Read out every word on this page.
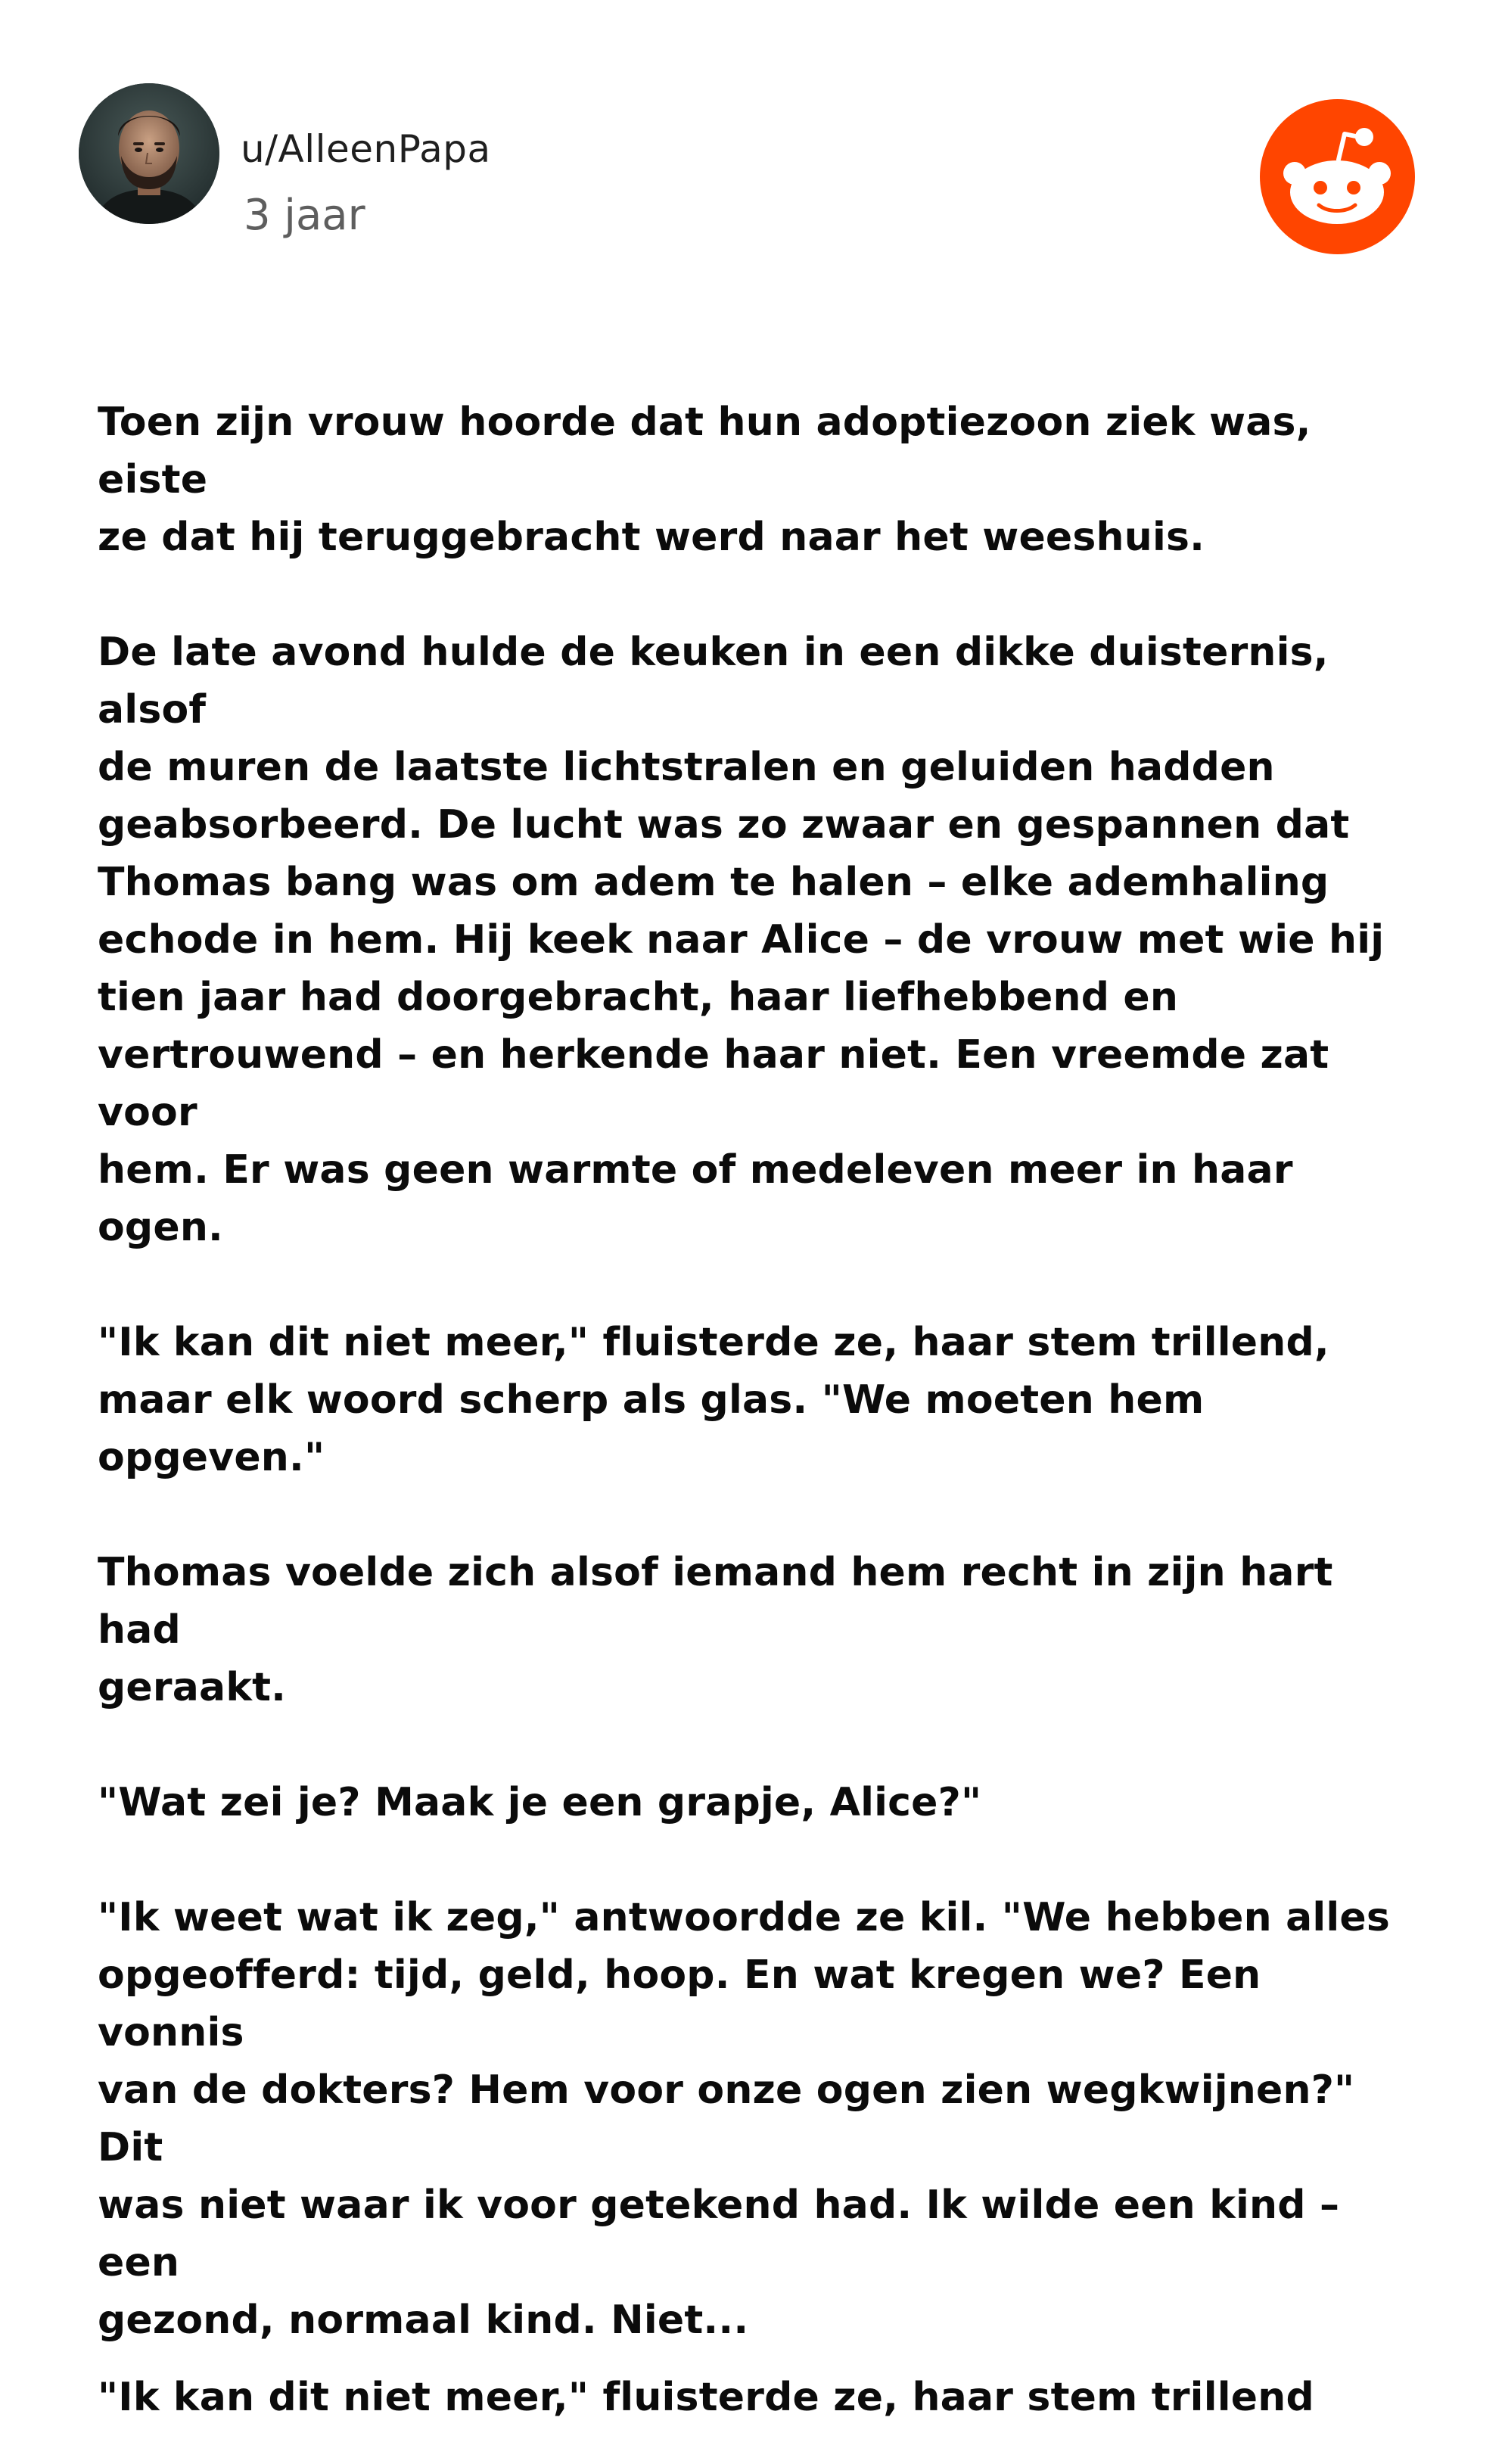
u/AlleenPapa
3 jaar

Toen zijn vrouw hoorde dat hun adoptiezoon ziek was, eiste
ze dat hij teruggebracht werd naar het weeshuis.

De late avond hulde de keuken in een dikke duisternis, alsof
de muren de laatste lichtstralen en geluiden hadden
geabsorbeerd. De lucht was zo zwaar en gespannen dat
Thomas bang was om adem te halen – elke ademhaling
echode in hem. Hij keek naar Alice – de vrouw met wie hij
tien jaar had doorgebracht, haar liefhebbend en
vertrouwend – en herkende haar niet. Een vreemde zat voor
hem. Er was geen warmte of medeleven meer in haar ogen.

"Ik kan dit niet meer," fluisterde ze, haar stem trillend,
maar elk woord scherp als glas. "We moeten hem
opgeven."

Thomas voelde zich alsof iemand hem recht in zijn hart had
geraakt.

"Wat zei je? Maak je een grapje, Alice?"

"Ik weet wat ik zeg," antwoordde ze kil. "We hebben alles
opgeofferd: tijd, geld, hoop. En wat kregen we? Een vonnis
van de dokters? Hem voor onze ogen zien wegkwijnen?" Dit
was niet waar ik voor getekend had. Ik wilde een kind – een
gezond, normaal kind. Niet...

"Ik kan dit niet meer," fluisterde ze, haar stem trillend
